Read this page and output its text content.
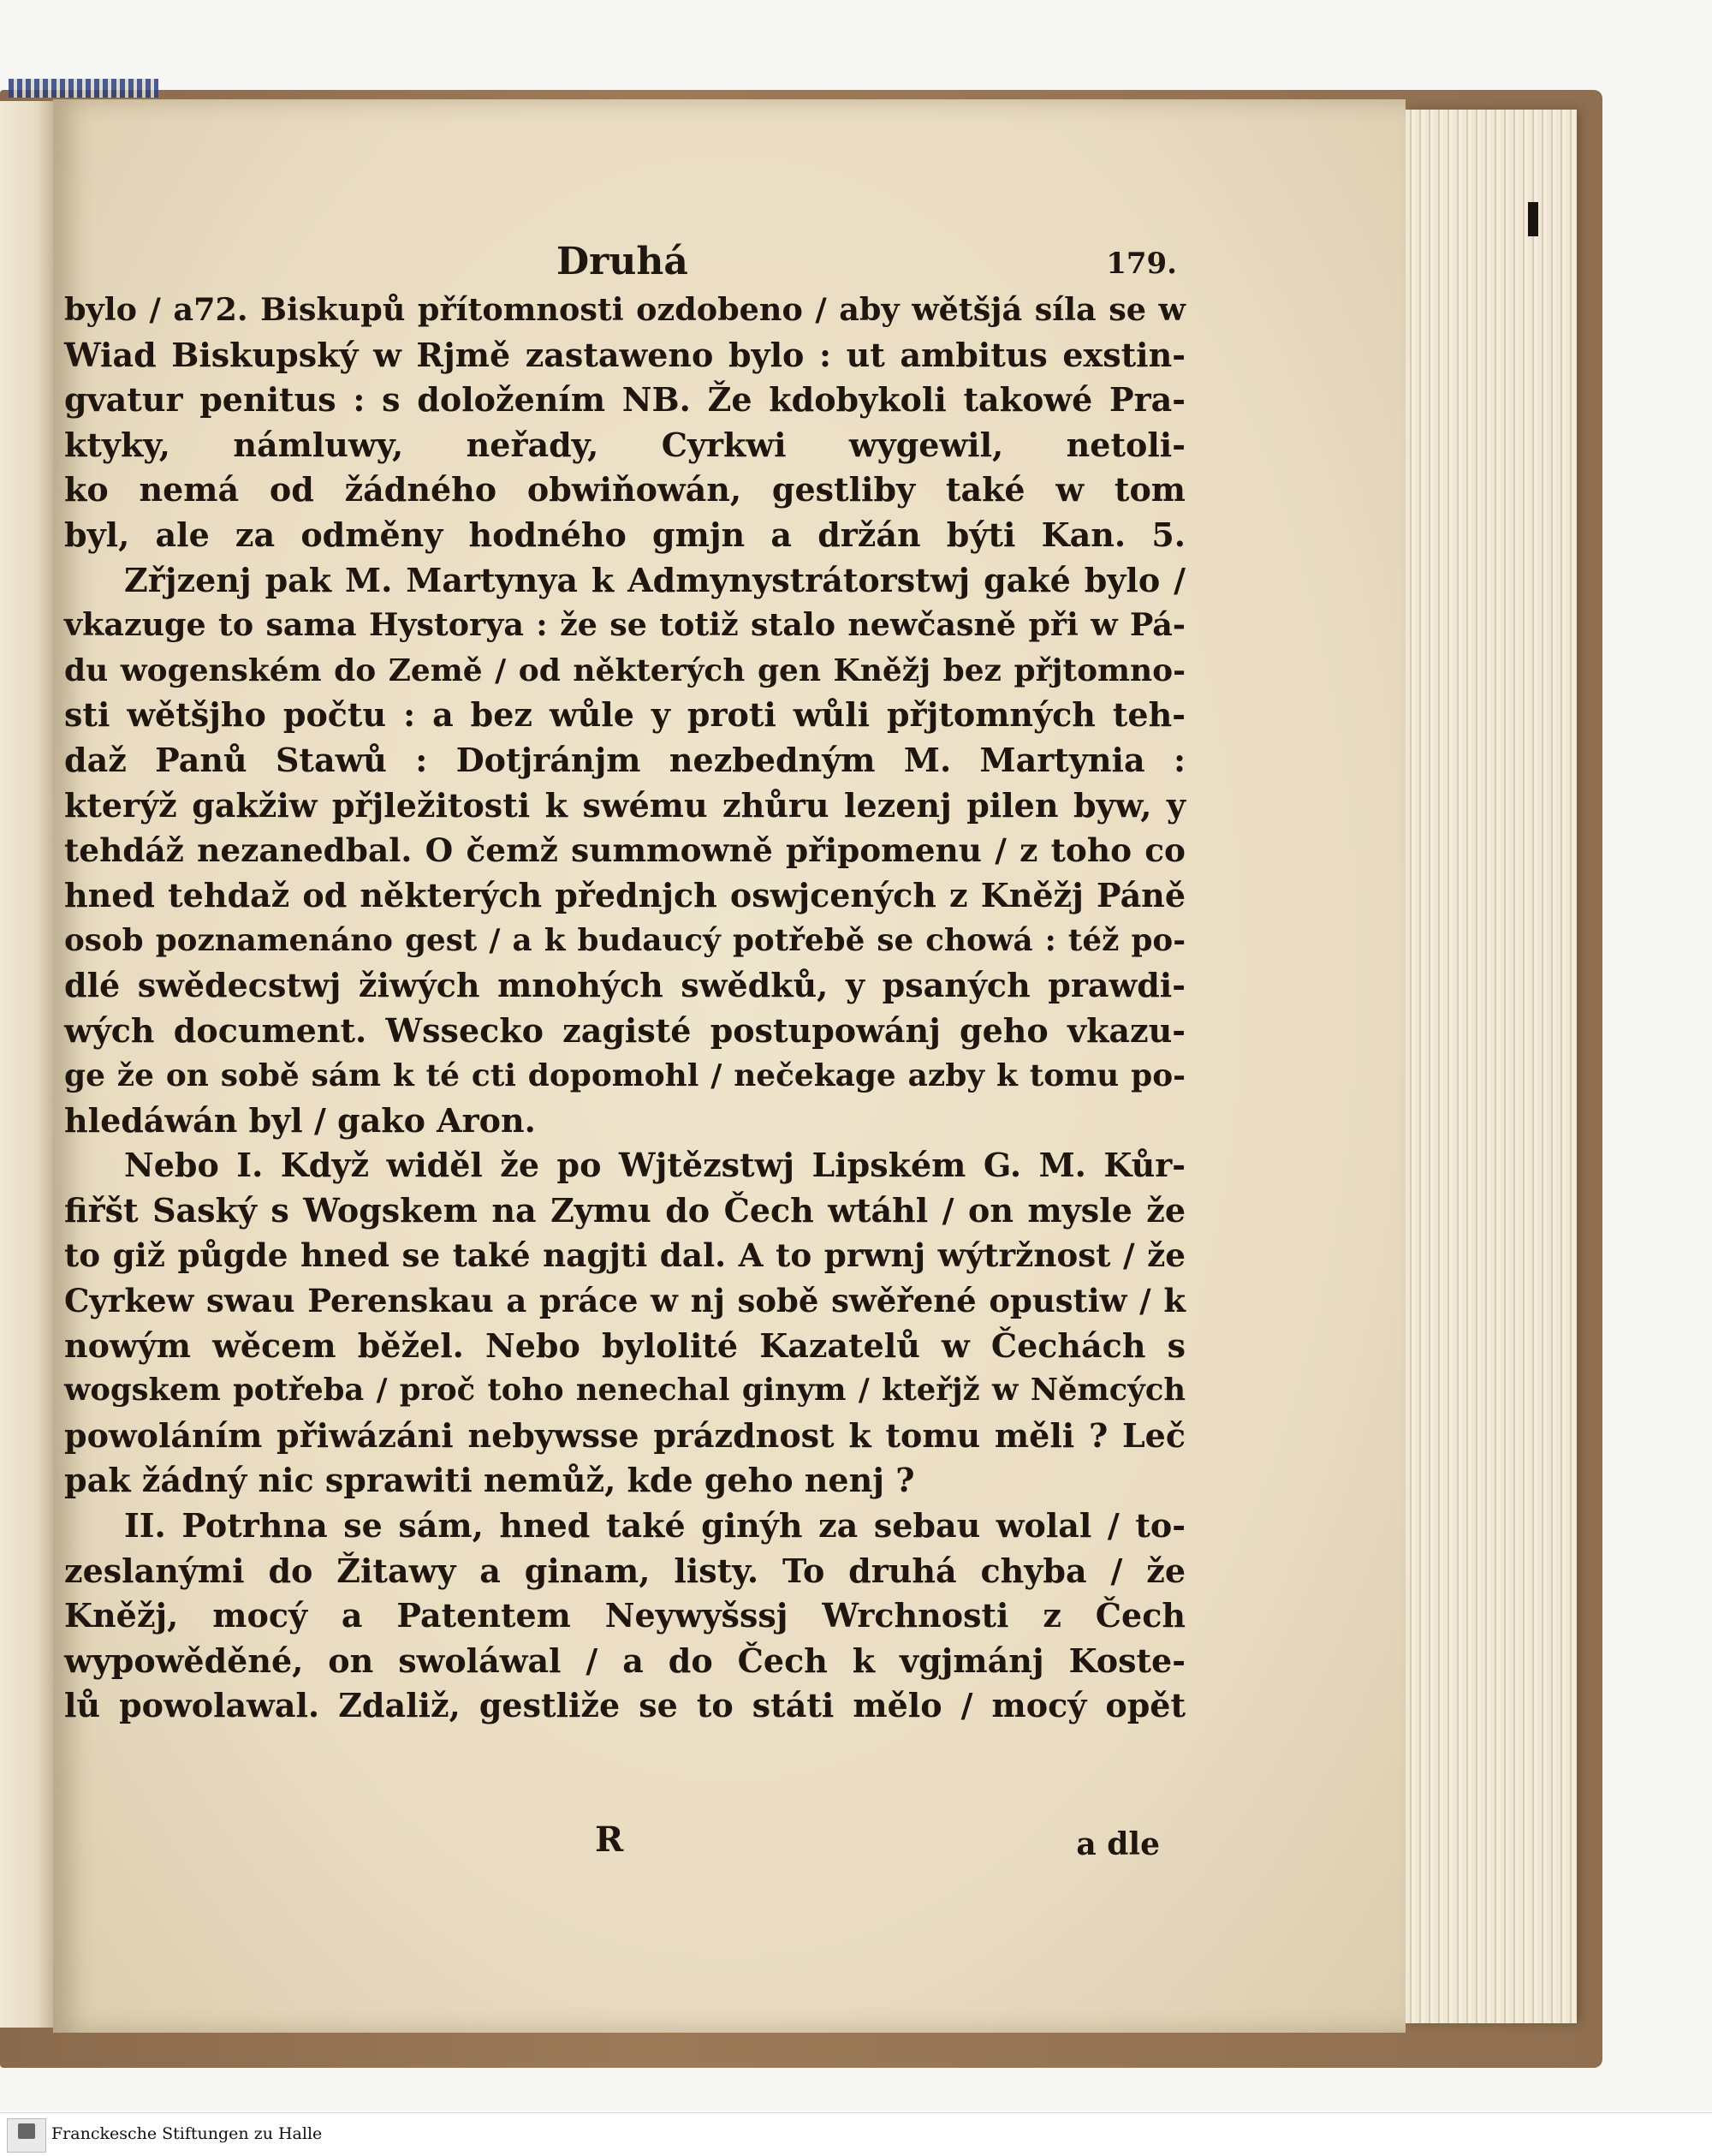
Druhá	179.
bylo / a72. Biskupů přítomnosti ozdobeno / aby wětšjá síla se w
Wiad Biskupský w Rjmě zastaweno bylo : ut ambitus exstin-
gvatur penitus : s doložením NB. Že kdobykoli takowé Pra-
ktyky, námluwy, neřady, Cyrkwi wygewil, netoli-
ko nemá od žádného obwiňowán, gestliby také w tom
byl, ale za odměny hodného gmjn a držán býti Kan. 5.
Zřjzenj pak M. Martynya k Admynystrátorstwj gaké bylo /
vkazuge to sama Hystorya : že se totiž stalo newčasně při w Pá-
du wogenském do Země / od některých gen Kněžj bez přjtomno-
sti wětšjho počtu : a bez wůle y proti wůli přjtomných teh-
daž Panů Stawů : Dotjránjm nezbedným M. Martynia :
kterýž gakžiw přjležitosti k swému zhůru lezenj pilen byw, y
tehdáž nezanedbal. O čemž summowně připomenu / z toho co
hned tehdaž od některých přednjch oswjcených z Kněžj Páně
osob poznamenáno gest / a k budaucý potřebě se chowá : též po-
dlé swědecstwj žiwých mnohých swědků, y psaných prawdi-
wých document. Wssecko zagisté postupowánj geho vkazu-
ge že on sobě sám k té cti dopomohl / nečekage azby k tomu po-
hledáwán byl / gako Aron.
Nebo I. Když widěl že po Wjtězstwj Lipském G. M. Kůr-
fiřšt Saský s Wogskem na Zymu do Čech wtáhl / on mysle že
to giž půgde hned se také nagjti dal. A to prwnj wýtržnost / že
Cyrkew swau Perenskau a práce w nj sobě swěřené opustiw / k
nowým wěcem běžel. Nebo bylolité Kazatelů w Čechách s
wogskem potřeba / proč toho nenechal ginym / kteřjž w Němcých
powoláním přiwázáni nebywsse prázdnost k tomu měli ? Leč
pak žádný nic sprawiti nemůž, kde geho nenj ?
II. Potrhna se sám, hned také ginýh za sebau wolal / to-
zeslanými do Žitawy a ginam, listy. To druhá chyba / že
Kněžj, mocý a Patentem Neywyšssj Wrchnosti z Čech
wypowěděné, on swoláwal / a do Čech k vgjmánj Koste-
lů powolawal. Zdaliž, gestliže se to státi mělo / mocý opět
R	a dle
Franckesche Stiftungen zu Halle
